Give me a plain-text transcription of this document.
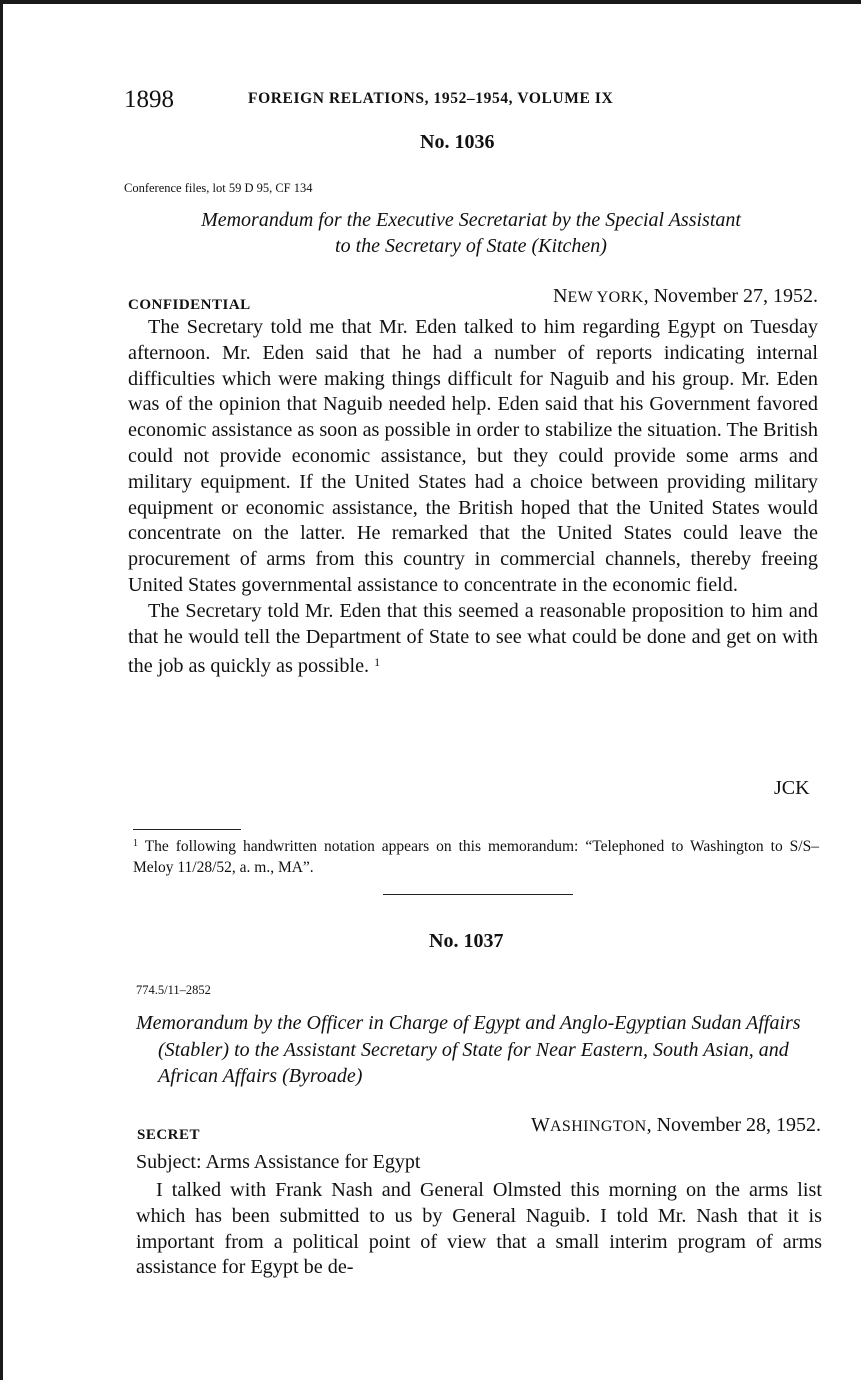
1898	FOREIGN RELATIONS, 1952–1954, VOLUME IX
No. 1036
Conference files, lot 59 D 95, CF 134
Memorandum for the Executive Secretariat by the Special Assistant
to the Secretary of State (Kitchen)
CONFIDENTIAL	NEW YORK, November 27, 1952.

The Secretary told me that Mr. Eden talked to him regarding Egypt on Tuesday afternoon. Mr. Eden said that he had a number of reports indicating internal difficulties which were making things difficult for Naguib and his group. Mr. Eden was of the opinion that Naguib needed help. Eden said that his Government favored economic assistance as soon as possible in order to stabilize the situation. The British could not provide economic assistance, but they could provide some arms and military equipment. If the United States had a choice between providing military equipment or economic assistance, the British hoped that the United States would concentrate on the latter. He remarked that the United States could leave the procurement of arms from this country in commercial channels, thereby freeing United States governmental assistance to concentrate in the economic field.

The Secretary told Mr. Eden that this seemed a reasonable proposition to him and that he would tell the Department of State to see what could be done and get on with the job as quickly as possible. $^1$

JCK
$^1$ The following handwritten notation appears on this memorandum: “Telephoned to Washington to S/S–Meloy 11/28/52, a. m., MA”.
No. 1037
774.5/11–2852
Memorandum by the Officer in Charge of Egypt and Anglo-Egyptian Sudan Affairs (Stabler) to the Assistant Secretary of State for Near Eastern, South Asian, and African Affairs (Byroade)
SECRET	WASHINGTON, November 28, 1952.
Subject: Arms Assistance for Egypt

I talked with Frank Nash and General Olmsted this morning on the arms list which has been submitted to us by General Naguib. I told Mr. Nash that it is important from a political point of view that a small interim program of arms assistance for Egypt be de-
